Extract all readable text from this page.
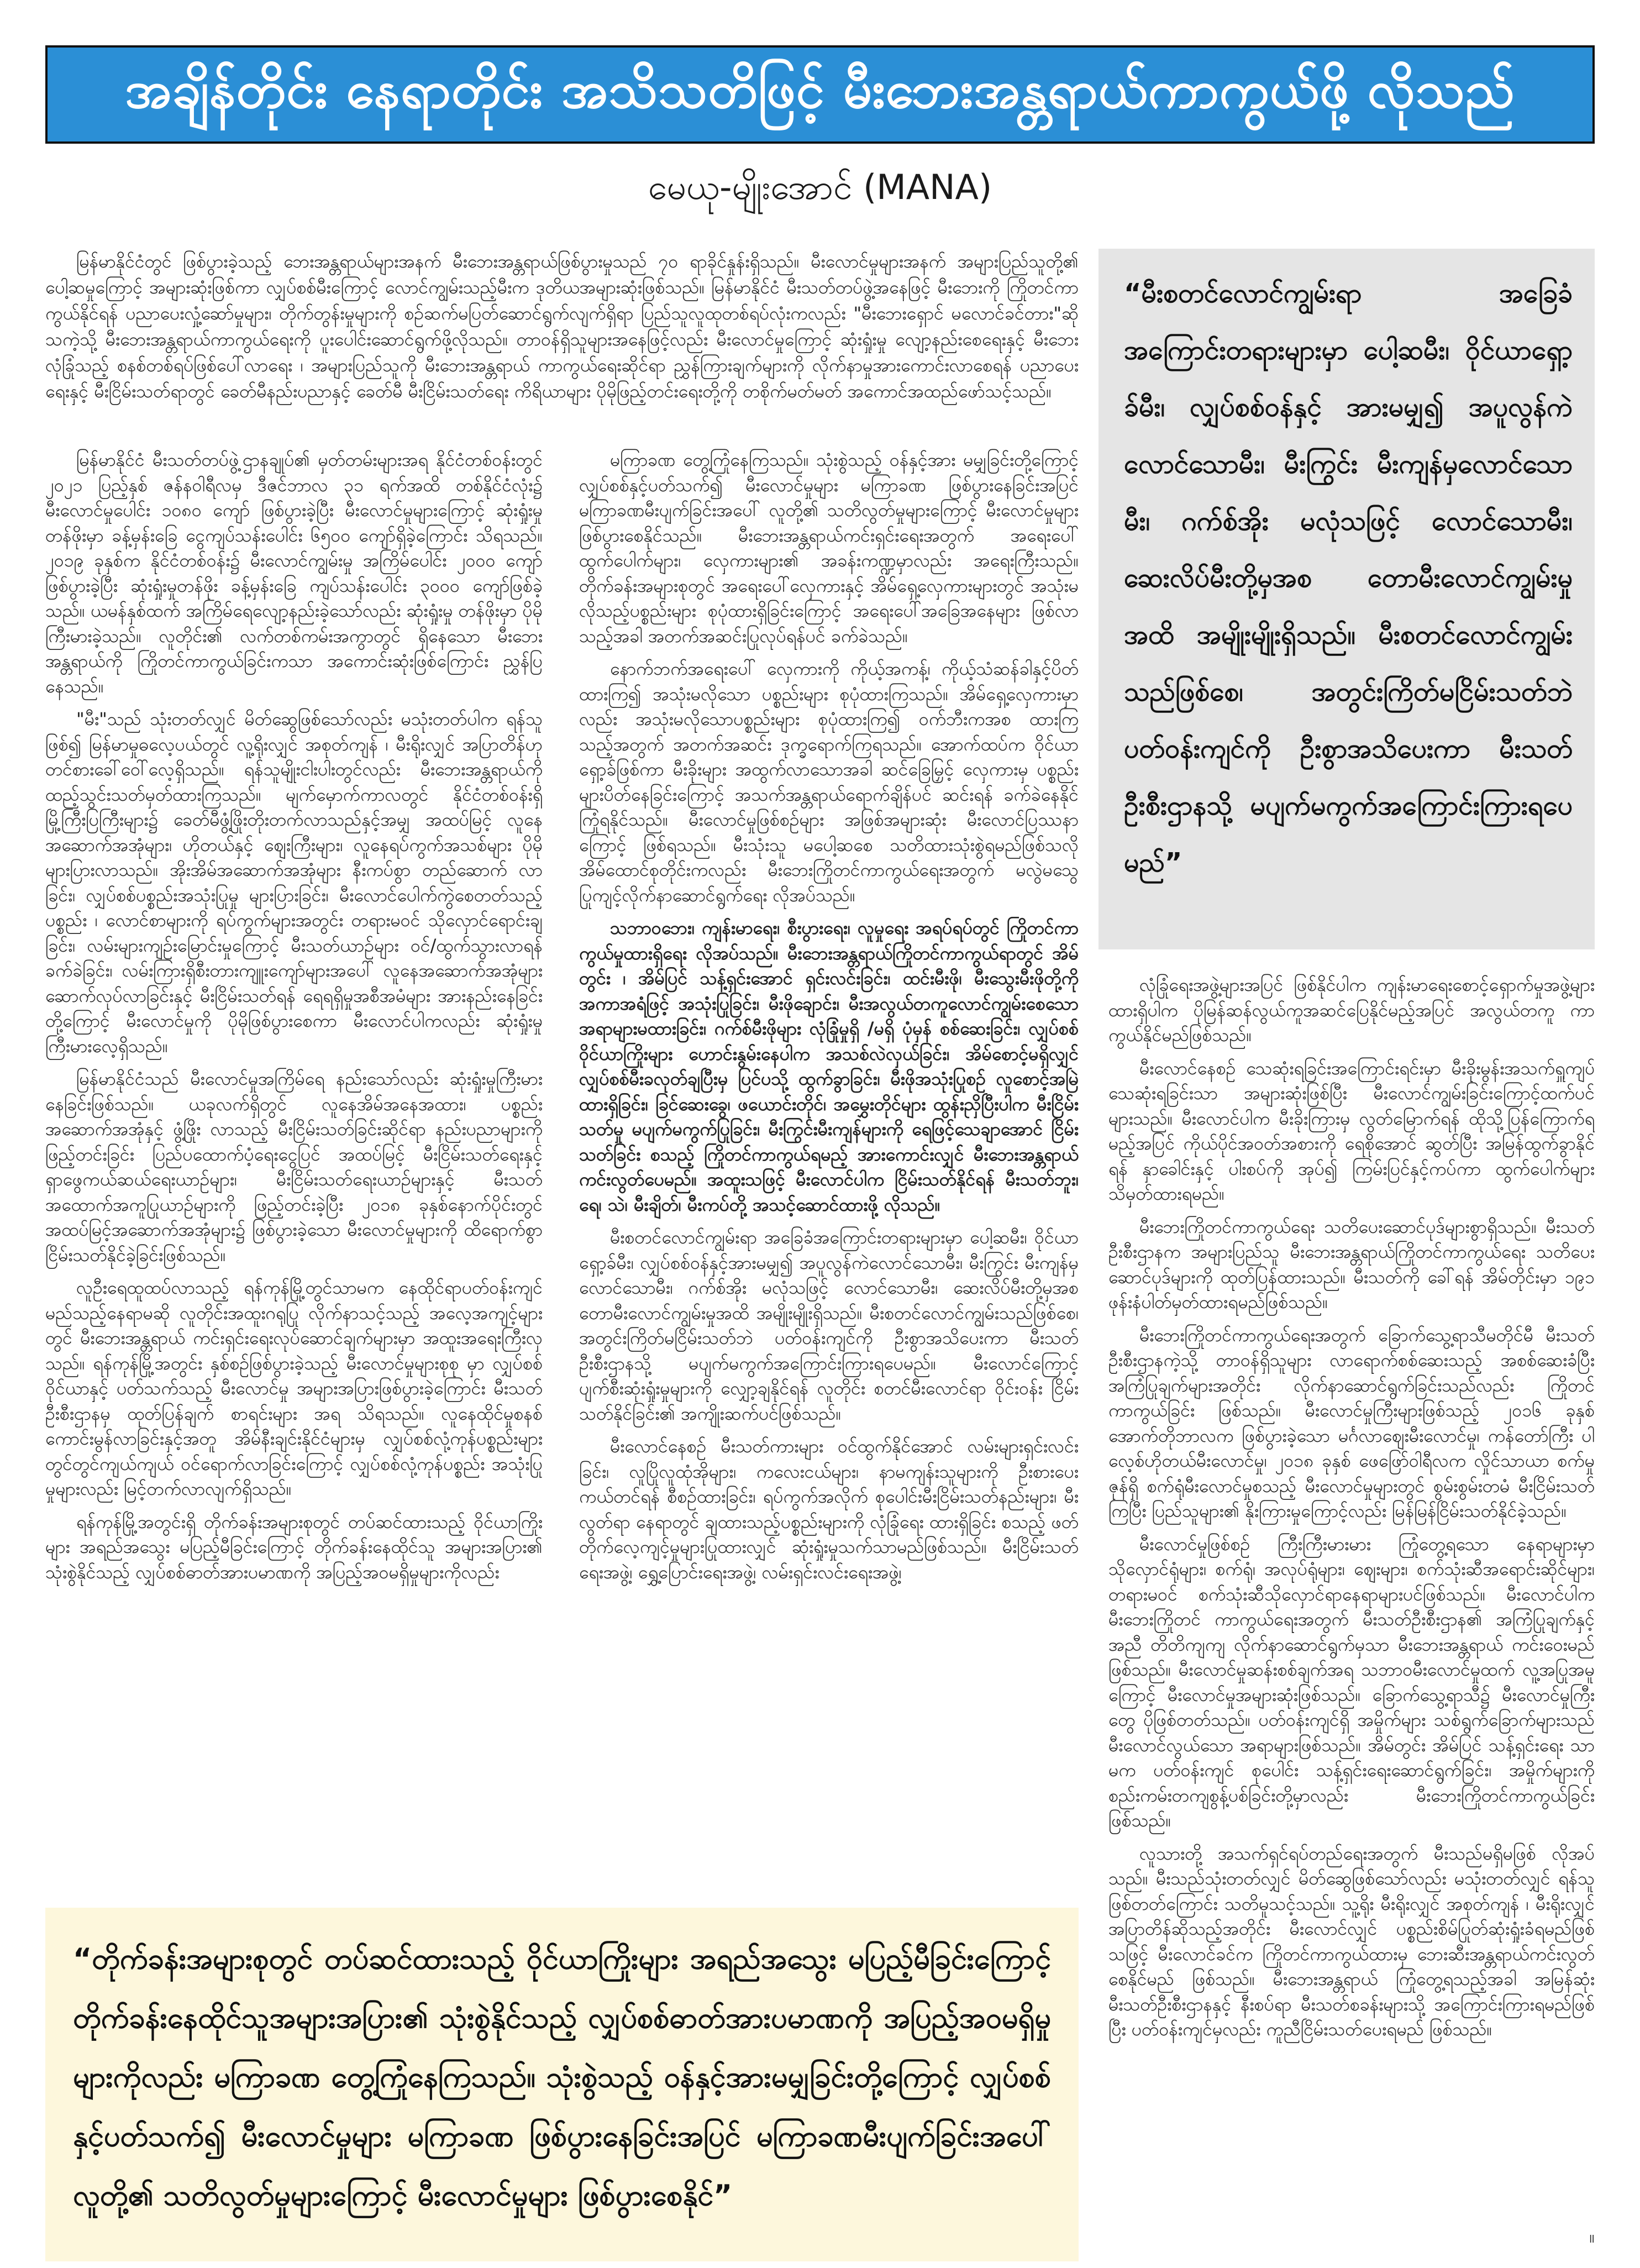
အချိန်တိုင်း နေရာတိုင်း အသိသတိဖြင့် မီးဘေးအန္တရာယ်ကာကွယ်ဖို့ လိုသည်
မေယု-မျိုးအောင် (MANA)

မြန်မာနိုင်ငံတွင် ဖြစ်ပွားခဲ့သည့် ဘေးအန္တရာယ်များအနက် မီးဘေးအန္တရာယ်ဖြစ်ပွားမှုသည် ၇၀ ရာခိုင်နှုန်းရှိသည်။ မီးလောင်မှုများအနက် အများပြည်သူတို့၏ ပေါ့ဆမှုကြောင့် အများဆုံးဖြစ်ကာ လျှပ်စစ်မီးကြောင့် လောင်ကျွမ်းသည့်မီးက ဒုတိယအများဆုံးဖြစ်သည်။ မြန်မာနိုင်ငံ မီးသတ်တပ်ဖွဲ့အနေဖြင့် မီးဘေးကို ကြိုတင်ကာကွယ်နိုင်ရန် ပညာပေးလှုံ့ဆော်မှုများ၊ တိုက်တွန်းမှုများကို စဉ်ဆက်မပြတ်ဆောင်ရွက်လျက်ရှိရာ ပြည်သူလူထုတစ်ရပ်လုံးကလည်း "မီးဘေးရှောင် မလောင်ခင်တား"ဆိုသကဲ့သို့ မီးဘေးအန္တရာယ်ကာကွယ်ရေးကို ပူးပေါင်းဆောင်ရွက်ဖို့လိုသည်။ တာဝန်ရှိသူများအနေဖြင့်လည်း မီးလောင်မှုကြောင့် ဆုံးရှုံးမှု လျော့နည်းစေရေးနှင့် မီးဘေးလုံခြုံသည့် စနစ်တစ်ရပ်ဖြစ်ပေါ်လာရေး ၊ အများပြည်သူကို မီးဘေးအန္တရာယ် ကာကွယ်ရေးဆိုင်ရာ ညွှန်ကြားချက်များကို လိုက်နာမှုအားကောင်းလာစေရန် ပညာပေးရေးနှင့် မီးငြိမ်းသတ်ရာတွင် ခေတ်မီနည်းပညာနှင့် ခေတ်မီ မီးငြိမ်းသတ်ရေး ကိရိယာများ ပိုမိုဖြည့်တင်းရေးတို့ကို တစိုက်မတ်မတ် အကောင်အထည်ဖော်သင့်သည်။

“မီးစတင်လောင်ကျွမ်းရာ အခြေခံအကြောင်းတရားများမှာ ပေါ့ဆမီး၊ ဝိုင်ယာရှော့ခ်မီး၊ လျှပ်စစ်ဝန်နှင့် အားမမျှ၍ အပူလွန်ကဲလောင်သောမီး၊ မီးကြွင်း မီးကျန်မှလောင်သောမီး၊ ဂက်စ်အိုး မလုံသဖြင့် လောင်သောမီး၊ ဆေးလိပ်မီးတို့မှအစ တောမီးလောင်ကျွမ်းမှုအထိ အမျိုးမျိုးရှိသည်။ မီးစတင်လောင်ကျွမ်းသည်ဖြစ်စေ၊ အတွင်းကြိတ်မငြိမ်းသတ်ဘဲ ပတ်ဝန်းကျင်ကို ဦးစွာအသိပေးကာ မီးသတ်ဦးစီးဌာနသို့ မပျက်မကွက်အကြောင်းကြားရပေမည်”

မြန်မာနိုင်ငံ မီးသတ်တပ်ဖွဲ့ဌာနချုပ်၏ မှတ်တမ်းများအရ နိုင်ငံတစ်ဝန်းတွင် ၂၀၂၁ ပြည့်နှစ် ဇန်နဝါရီလမှ ဒီဇင်ဘာလ ၃၁ ရက်အထိ တစ်နိုင်ငံလုံး၌ မီးလောင်မှုပေါင်း ၁၀၈၀ ကျော် ဖြစ်ပွားခဲ့ပြီး မီးလောင်မှုများကြောင့် ဆုံးရှုံးမှုတန်ဖိုးမှာ ခန့်မှန်းခြေ ငွေကျပ်သန်းပေါင်း ၆၅၀၀ ကျော်ရှိခဲ့ကြောင်း သိရသည်။ ၂၀၁၉ ခုနှစ်က နိုင်ငံတစ်ဝန်း၌ မီးလောင်ကျွမ်းမှု အကြိမ်ပေါင်း ၂၀၀၀ ကျော် ဖြစ်ပွားခဲ့ပြီး ဆုံးရှုံးမှုတန်ဖိုး ခန့်မှန်းခြေ ကျပ်သန်းပေါင်း ၃၀၀၀ ကျော်ဖြစ်ခဲ့သည်။ ယမန်နှစ်ထက် အကြိမ်ရေလျော့နည်းခဲ့သော်လည်း ဆုံးရှုံးမှု တန်ဖိုးမှာ ပိုမိုကြီးမားခဲ့သည်။ လူတိုင်း၏ လက်တစ်ကမ်းအကွာတွင် ရှိနေသော မီးဘေးအန္တရာယ်ကို ကြိုတင်ကာကွယ်ခြင်းကသာ အကောင်းဆုံးဖြစ်ကြောင်း ညွှန်ပြနေသည်။

"မီး"သည် သုံးတတ်လျှင် မိတ်ဆွေဖြစ်သော်လည်း မသုံးတတ်ပါက ရန်သူဖြစ်၍ မြန်မာမှုဓလေ့ပယ်တွင် လူ့ရိုးလျှင် အစုတ်ကျန် ၊ မီးရိုးလျှင် အပြာတိန်ဟု တင်စားခေါ်ဝေါ်လေ့ရှိသည်။ ရန်သူမျိုးငါးပါးတွင်လည်း မီးဘေးအန္တရာယ်ကို ထည့်သွင်းသတ်မှတ်ထားကြသည်။ မျက်မှောက်ကာလတွင် နိုင်ငံတစ်ဝန်းရှိ မြို့ကြီးပြကြီးများ၌ ခေတ်မီဖွံ့ဖြိုးတိုးတက်လာသည်နှင့်အမျှ အထပ်မြင့် လူနေအဆောက်အအုံများ၊ ဟိုတယ်နှင့် ဈေးကြီးများ၊ လူနေရပ်ကွက်အသစ်များ ပိုမိုများပြားလာသည်။ အိုးအိမ်အဆောက်အအုံများ နီးကပ်စွာ တည်ဆောက် လာခြင်း၊ လျှပ်စစ်ပစ္စည်းအသုံးပြုမှု များပြားခြင်း၊ မီးလောင်ပေါက်ကွဲစေတတ်သည့်ပစ္စည်း ၊ လောင်စာများကို ရပ်ကွက်များအတွင်း တရားမဝင် သိုလှောင်ရောင်းချခြင်း၊ လမ်းများကျဉ်းမြောင်းမှုကြောင့် မီးသတ်ယာဉ်များ ဝင်/ထွက်သွားလာရန် ခက်ခဲခြင်း၊ လမ်းကြားရှိစီးတားကျူးကျော်များအပေါ် လူနေအဆောက်အအုံများ ဆောက်လုပ်လာခြင်းနှင့် မီးငြိမ်းသတ်ရန် ရေရရှိမှုအစီအမံများ အားနည်းနေခြင်းတို့ကြောင့် မီးလောင်မှုကို ပိုမိုဖြစ်ပွားစေကာ မီးလောင်ပါကလည်း ဆုံးရှုံးမှုကြီးမားလေ့ရှိသည်။

မြန်မာနိုင်ငံသည် မီးလောင်မှုအကြိမ်ရေ နည်းသော်လည်း ဆုံးရှုံးမှုကြီးမားနေခြင်းဖြစ်သည်။ ယခုလက်ရှိတွင် လူနေအိမ်အနေအထား၊ ပစ္စည်းအဆောက်အအုံနှင့် ဖွံ့ဖြိုး လာသည့် မီးငြိမ်းသတ်ခြင်းဆိုင်ရာ နည်းပညာများကို ဖြည့်တင်းခြင်း ပြည်ပထောက်ပံ့ရေးငွေပြင် အထပ်မြင့် မီးငြိမ်းသတ်ရေးနှင့် ရှာဖွေကယ်ဆယ်ရေးယာဉ်များ၊ မီးငြိမ်းသတ်ရေးယာဉ်များနှင့် မီးသတ်အထောက်အကူပြုယာဉ်များကို ဖြည့်တင်းခဲ့ပြီး ၂၀၁၈ ခုနှစ်နောက်ပိုင်းတွင် အထပ်မြင့်အဆောက်အအုံများ၌ ဖြစ်ပွားခဲ့သော မီးလောင်မှုများကို ထိရောက်စွာ ငြိမ်းသတ်နိုင်ခဲ့ခြင်းဖြစ်သည်။

လူဦးရေထူထပ်လာသည့် ရန်ကုန်မြို့တွင်သာမက နေထိုင်ရာပတ်ဝန်းကျင် မည်သည့်နေရာမဆို လူတိုင်းအထူးဂရုပြု လိုက်နာသင့်သည့် အလေ့အကျင့်များတွင် မီးဘေးအန္တရာယ် ကင်းရှင်းရေးလုပ်ဆောင်ချက်များမှာ အထူးအရေးကြီးလှသည်။ ရန်ကုန်မြို့အတွင်း နှစ်စဉ်ဖြစ်ပွားခဲ့သည့် မီးလောင်မှုများစုစု မှာ လျှပ်စစ်ဝိုင်ယာနှင့် ပတ်သက်သည့် မီးလောင်မှု အများအပြားဖြစ်ပွားခဲ့ကြောင်း မီးသတ်ဦးစီးဌာနမှ ထုတ်ပြန်ချက် စာရင်းများ အရ သိရသည်။ လူနေထိုင်မှုစနစ် ကောင်းမွန်လာခြင်းနှင့်အတူ အိမ်နီးချင်းနိုင်ငံများမှ လျှပ်စစ်လုံ့ကုန်ပစ္စည်းများ တွင်တွင်ကျယ်ကျယ် ဝင်ရောက်လာခြင်းကြောင့် လျှပ်စစ်လုံ့ကုန်ပစ္စည်း အသုံးပြုမှုများလည်း မြင့်တက်လာလျက်ရှိသည်။

ရန်ကုန်မြို့အတွင်းရှိ တိုက်ခန်းအများစုတွင် တပ်ဆင်ထားသည့် ဝိုင်ယာကြိုးများ အရည်အသွေး မပြည့်မီခြင်းကြောင့် တိုက်ခန်းနေထိုင်သူ အများအပြား၏ သုံးစွဲနိုင်သည့် လျှပ်စစ်ဓာတ်အားပမာဏကို အပြည့်အဝမရှိမှုများကိုလည်း

မကြာခဏ တွေ့ကြုံနေကြသည်။ သုံးစွဲသည့် ဝန်နှင့်အား မမျှခြင်းတို့ကြောင့် လျှပ်စစ်နှင့်ပတ်သက်၍ မီးလောင်မှုများ မကြာခဏ ဖြစ်ပွားနေခြင်းအပြင် မကြာခဏမီးပျက်ခြင်းအပေါ် လူတို့၏ သတိလွတ်မှုများကြောင့် မီးလောင်မှုများ ဖြစ်ပွားစေနိုင်သည်။ မီးဘေးအန္တရာယ်ကင်းရှင်းရေးအတွက် အရေးပေါ် ထွက်ပေါက်များ၊ လှေကားများ၏ အခန်းကဏ္ဍမှာလည်း အရေးကြီးသည်။ တိုက်ခန်းအများစုတွင် အရေးပေါ်လှေကားနှင့် အိမ်ရှေ့လှေကားများတွင် အသုံးမလိုသည့်ပစ္စည်းများ စုပုံထားရှိခြင်းကြောင့် အရေးပေါ်အခြေအနေများ ဖြစ်လာသည့်အခါ အတက်အဆင်းပြုလုပ်ရန်ပင် ခက်ခဲသည်။

နောက်ဘက်အရေးပေါ် လှေကားကို ကိုယ့်အကန့်၊ ကိုယ့်သံဆန်ခါနှင့်ပိတ်ထားကြ၍ အသုံးမလိုသော ပစ္စည်းများ စုပုံထားကြသည်။ အိမ်ရှေ့လှေကားမှာလည်း အသုံးမလိုသောပစ္စည်းများ စုပုံထားကြ၍ ဝက်ဘီးကအစ ထားကြသည့်အတွက် အတက်အဆင်း ဒုက္ခရောက်ကြရသည်။ အောက်ထပ်က ဝိုင်ယာရှော့ခ်ဖြစ်ကာ မီးခိုးများ အထွက်လာသောအခါ ဆင်ခြေမြှင့် လှေကားမှ ပစ္စည်းများပိတ်နေခြင်းကြောင့် အသက်အန္တရာယ်ရောက်ချိန်ပင် ဆင်းရန် ခက်ခဲနေနိုင် ကြုံရနိုင်သည်။ မီးလောင်မှုဖြစ်စဉ်များ အဖြစ်အများဆုံး မီးလောင်ပြဿနာကြောင့် ဖြစ်ရသည်။ မီးသုံးသူ မပေါ့ဆစေ သတိထားသုံးစွဲရမည်ဖြစ်သလို အိမ်ထောင်စုတိုင်းကလည်း မီးဘေးကြိုတင်ကာကွယ်ရေးအတွက် မလွဲမသွေ ပြုကျင့်လိုက်နာဆောင်ရွက်ရေး လိုအပ်သည်။

သဘာဝဘေး၊ ကျန်းမာရေး၊ စီးပွားရေး၊ လူမှုရေး အရပ်ရပ်တွင် ကြိုတင်ကာကွယ်မှုထားရှိရေး လိုအပ်သည်။ မီးဘေးအန္တရာယ်ကြိုတင်ကာကွယ်ရာတွင် အိမ်တွင်း ၊ အိမ်ပြင် သန့်ရှင်းအောင် ရှင်းလင်းခြင်း၊ ထင်းမီးဖို၊ မီးသွေးမီးဖိုတို့ကို အကာအရံဖြင့် အသုံးပြုခြင်း၊ မီးဖိုချောင်း၊ မီးအလွယ်တကူလောင်ကျွမ်းစေသော အရာများမထားခြင်း၊ ဂက်စ်မီးဖိုများ လုံခြုံမှုရှိ /မရှိ ပုံမှန် စစ်ဆေးခြင်း၊ လျှပ်စစ်ဝိုင်ယာကြိုးများ ဟောင်းနွမ်းနေပါက အသစ်လဲလှယ်ခြင်း၊ အိမ်စောင့်မရှိလျှင် လျှပ်စစ်မီးခလုတ်ချပြီးမှ ပြင်ပသို့ ထွက်ခွာခြင်း၊ မီးဖိုအသုံးပြုစဉ် လူစောင့်အမြဲထားရှိခြင်း၊ ခြင်ဆေးခွေ၊ ဖယောင်းတိုင်၊ အမွှေးတိုင်များ ထွန်းညှိပြီးပါက မီးငြိမ်းသတ်မှု မပျက်မကွက်ပြုခြင်း၊ မီးကြွင်းမီးကျန်များကို ရေဖြင့်သေချာအောင် ငြိမ်းသတ်ခြင်း စသည့် ကြိုတင်ကာကွယ်ရမည့် အားကောင်းလျှင် မီးဘေးအန္တရာယ် ကင်းလွတ်ပေမည်။ အထူးသဖြင့် မီးလောင်ပါက ငြိမ်းသတ်နိုင်ရန် မီးသတ်ဘူး၊ ရေ၊ သဲ၊ မီးချိတ်၊ မီးကပ်တို့ အသင့်ဆောင်ထားဖို့ လိုသည်။

မီးစတင်လောင်ကျွမ်းရာ အခြေခံအကြောင်းတရားများမှာ ပေါ့ဆမီး၊ ဝိုင်ယာရှော့ခ်မီး၊ လျှပ်စစ်ဝန်နှင့်အားမမျှ၍ အပူလွန်ကဲလောင်သောမီး၊ မီးကြွင်း မီးကျန်မှလောင်သောမီး၊ ဂက်စ်အိုး မလုံသဖြင့် လောင်သောမီး၊ ဆေးလိပ်မီးတို့မှအစ တောမီးလောင်ကျွမ်းမှုအထိ အမျိုးမျိုးရှိသည်။ မီးစတင်လောင်ကျွမ်းသည်ဖြစ်စေ၊ အတွင်းကြိတ်မငြိမ်းသတ်ဘဲ ပတ်ဝန်းကျင်ကို ဦးစွာအသိပေးကာ မီးသတ်ဦးစီးဌာနသို့ မပျက်မကွက်အကြောင်းကြားရပေမည်။ မီးလောင်ကြောင့် ပျက်စီးဆုံးရှုံးမှုများကို လျှော့ချနိုင်ရန် လူတိုင်း စတင်မီးလောင်ရာ ဝိုင်းဝန်း ငြိမ်းသတ်နိုင်ခြင်း၏ အကျိုးဆက်ပင်ဖြစ်သည်။

မီးလောင်နေစဉ် မီးသတ်ကားများ ဝင်ထွက်နိုင်အောင် လမ်းများရှင်းလင်းခြင်း၊ လူပြိုလူထုံအိုများ၊ ကလေးငယ်များ၊ နာမကျန်းသူများကို ဦးစားပေး ကယ်တင်ရန် စီစဉ်ထားခြင်း၊ ရပ်ကွက်အလိုက် စုပေါင်းမီးငြိမ်းသတ်နည်းများ၊ မီးလွတ်ရာ နေရာတွင် ချထားသည့်ပစ္စည်းများကို လုံခြုံရေး ထားရှိခြင်း စသည့် ဖတ်တိုက်လေ့ကျင့်မှုများပြုထားလျှင် ဆုံးရှုံးမှုသက်သာမည်ဖြစ်သည်။ မီးငြိမ်းသတ်ရေးအဖွဲ့၊ ရွှေ့ပြောင်းရေးအဖွဲ့၊ လမ်းရှင်းလင်းရေးအဖွဲ့၊

လုံခြုံရေးအဖွဲ့များအပြင် ဖြစ်နိုင်ပါက ကျန်းမာရေးစောင့်ရှောက်မှုအဖွဲ့များ ထားရှိပါက ပိုမြန်ဆန်လွယ်ကူအဆင်ပြေနိုင်မည့်အပြင် အလွယ်တကူ ကာကွယ်နိုင်မည်ဖြစ်သည်။

မီးလောင်နေစဉ် သေဆုံးရခြင်းအကြောင်းရင်းမှာ မီးခိုးမွန်းအသက်ရှူကျပ် သေဆုံးရခြင်းသာ အများဆုံးဖြစ်ပြီး မီးလောင်ကျွမ်းခြင်းကြောင့်ထက်ပင် များသည်။ မီးလောင်ပါက မီးခိုးကြားမှ လွတ်မြောက်ရန် ထိုသို့ပြန်ကြောက်ရမည့်အပြင် ကိုယ်ပိုင်အဝတ်အစားကို ရေစိုအောင် ဆွတ်ပြီး အမြန်ထွက်ခွာနိုင်ရန် နှာခေါင်းနှင့် ပါးစပ်ကို အုပ်၍ ကြမ်းပြင်နှင့်ကပ်ကာ ထွက်ပေါက်များ သိမှတ်ထားရမည်။

မီးဘေးကြိုတင်ကာကွယ်ရေး သတိပေးဆောင်ပုဒ်များစွာရှိသည်။ မီးသတ်ဦးစီးဌာနက အများပြည်သူ မီးဘေးအန္တရာယ်ကြိုတင်ကာကွယ်ရေး သတိပေးဆောင်ပုဒ်များကို ထုတ်ပြန်ထားသည်။ မီးသတ်ကို ခေါ်ရန် အိမ်တိုင်းမှာ ၁၉၁ ဖုန်းနံပါတ်မှတ်ထားရမည်ဖြစ်သည်။

မီးဘေးကြိုတင်ကာကွယ်ရေးအတွက် ခြောက်သွေ့ရာသီမတိုင်မီ မီးသတ်ဦးစီးဌာနကဲ့သို့ တာဝန်ရှိသူများ လာရောက်စစ်ဆေးသည့် အစစ်ဆေးခံပြီး အကြံပြုချက်များအတိုင်း လိုက်နာဆောင်ရွက်ခြင်းသည်လည်း ကြိုတင်ကာကွယ်ခြင်း ဖြစ်သည်။ မီးလောင်မှုကြီးများဖြစ်သည့် ၂၀၁၆ ခုနှစ်အောက်တိုဘာလက ဖြစ်ပွားခဲ့သော မင်္ဂလာဈေးမီးလောင်မှု၊ ကန်တော်ကြီး ပါလေ့စ်ဟိုတယ်မီးလောင်မှု၊ ၂၀၁၈ ခုနှစ် ဖေဖြော်ဝါရီလက လှိုင်သာယာ စက်မှုဇုန်ရှိ စက်ရုံမီးလောင်မှုစသည့် မီးလောင်မှုများတွင် စွမ်းစွမ်းတမံ မီးငြိမ်းသတ်ကြပြီး ပြည်သူများ၏ နိုးကြားမှုကြောင့်လည်း မြန်မြန်ငြိမ်းသတ်နိုင်ခဲ့သည်။

မီးလောင်မှုဖြစ်စဉ် ကြီးကြီးမားမား ကြုံတွေ့ရသော နေရာများမှာ သိုလှောင်ရုံများ၊ စက်ရုံ၊ အလုပ်ရုံများ၊ ဈေးများ၊ စက်သုံးဆီအရောင်းဆိုင်များ၊ တရားမဝင် စက်သုံးဆီသိုလှောင်ရာနေရာများပင်ဖြစ်သည်။ မီးလောင်ပါက မီးဘေးကြိုတင် ကာကွယ်ရေးအတွက် မီးသတ်ဦးစီးဌာန၏ အကြံပြုချက်နှင့် အညီ တိတိကျကျ လိုက်နာဆောင်ရွက်မှသာ မီးဘေးအန္တရာယ် ကင်းဝေးမည်ဖြစ်သည်။ မီးလောင်မှုဆန်းစစ်ချက်အရ သဘာဝမီးလောင်မှုထက် လူ့အပြုအမူကြောင့် မီးလောင်မှုအများဆုံးဖြစ်သည်။ ခြောက်သွေ့ရာသီ၌ မီးလောင်မှုကြီးတွေ ပိုဖြစ်တတ်သည်။ ပတ်ဝန်းကျင်ရှိ အမှိုက်များ သစ်ရွက်ခြောက်များသည် မီးလောင်လွယ်သော အရာများဖြစ်သည်။ အိမ်တွင်း အိမ်ပြင် သန့်ရှင်းရေး သာမက ပတ်ဝန်းကျင် စုပေါင်း သန့်ရှင်းရေးဆောင်ရွက်ခြင်း၊ အမှိုက်များကို စည်းကမ်းတကျစွန့်ပစ်ခြင်းတို့မှာလည်း မီးဘေးကြိုတင်ကာကွယ်ခြင်းဖြစ်သည်။

လူသားတို့ အသက်ရှင်ရပ်တည်ရေးအတွက် မီးသည်မရှိမဖြစ် လိုအပ်သည်။ မီးသည်သုံးတတ်လျှင် မိတ်ဆွေဖြစ်သော်လည်း မသုံးတတ်လျှင် ရန်သူဖြစ်တတ်ကြောင်း သတိမူသင့်သည်။ သူ့ရိုး မီးရိုးလျှင် အစုတ်ကျန် ၊ မီးရိုးလျှင် အပြာတိန်ဆိုသည့်အတိုင်း မီးလောင်လျှင် ပစ္စည်းစိမ်ပြုတ်ဆုံးရှုံးခံရမည်ဖြစ်သဖြင့် မီးလောင်ခင်က ကြိုတင်ကာကွယ်ထားမှ ဘေးဆီးအန္တရာယ်ကင်းလွတ်စေနိုင်မည် ဖြစ်သည်။ မီးဘေးအန္တရာယ် ကြုံတွေ့ရသည့်အခါ အမြန်ဆုံး မီးသတ်ဦးစီးဌာနနှင့် နီးစပ်ရာ မီးသတ်စခန်းများသို့ အကြောင်းကြားရမည်ဖြစ်ပြီး ပတ်ဝန်းကျင်မှလည်း ကူညီငြိမ်းသတ်ပေးရမည် ဖြစ်သည်။

“တိုက်ခန်းအများစုတွင် တပ်ဆင်ထားသည့် ဝိုင်ယာကြိုးများ အရည်အသွေး မပြည့်မီခြင်းကြောင့် တိုက်ခန်းနေထိုင်သူအများအပြား၏ သုံးစွဲနိုင်သည့် လျှပ်စစ်ဓာတ်အားပမာဏကို အပြည့်အဝမရှိမှုများကိုလည်း မကြာခဏ တွေ့ကြုံနေကြသည်။ သုံးစွဲသည့် ဝန်နှင့်အားမမျှခြင်းတို့ကြောင့် လျှပ်စစ်နှင့်ပတ်သက်၍ မီးလောင်မှုများ မကြာခဏ ဖြစ်ပွားနေခြင်းအပြင် မကြာခဏမီးပျက်ခြင်းအပေါ် လူတို့၏ သတိလွတ်မှုများကြောင့် မီးလောင်မှုများ ဖြစ်ပွားစေနိုင်”
။
